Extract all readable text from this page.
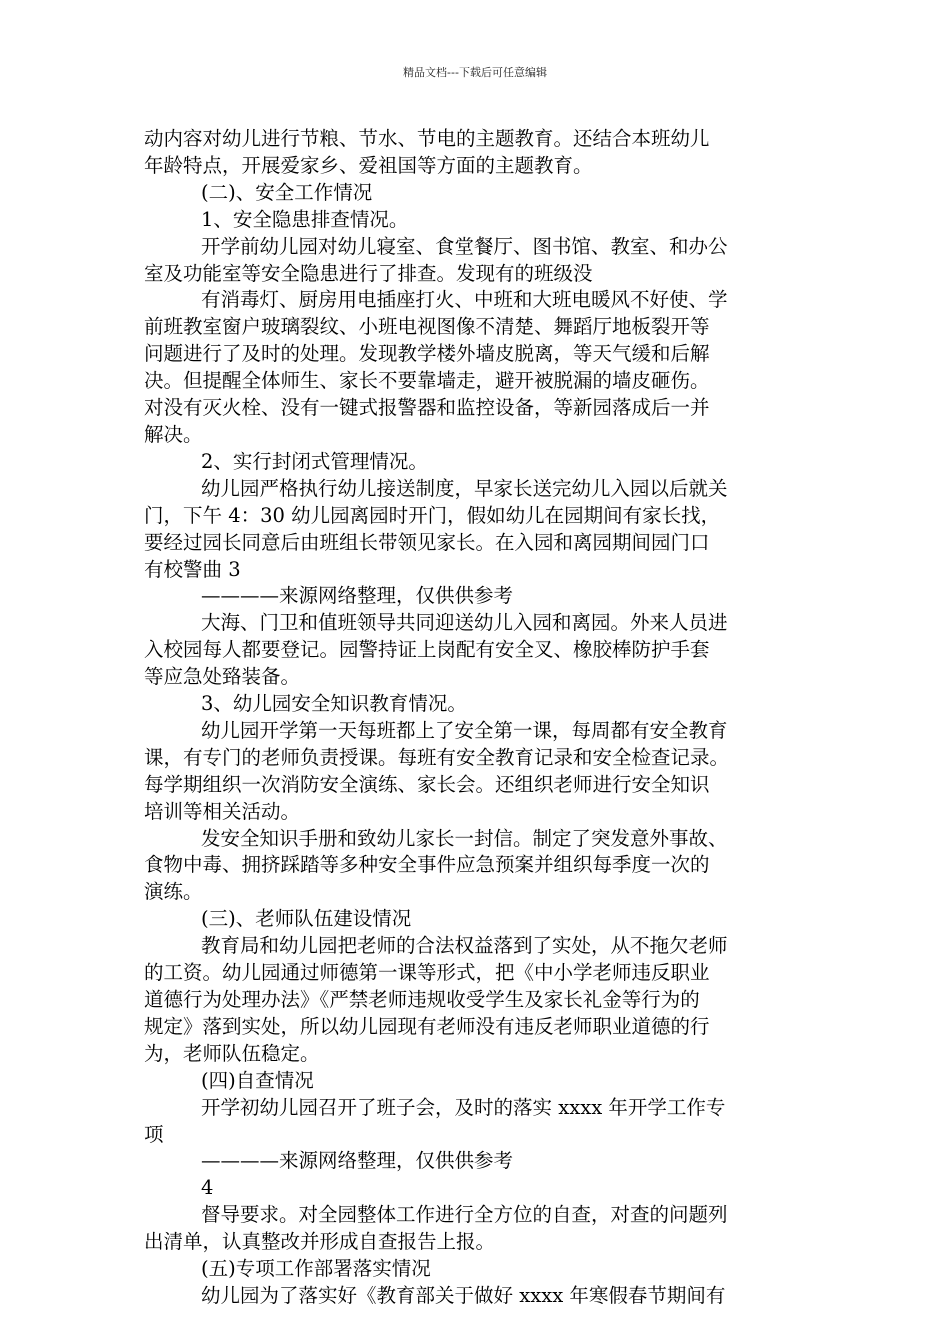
精品文档---下载后可任意编辑
动内容对幼儿进行节粮、节水、节电的主题教育。还结合本班幼儿
年龄特点，开展爱家乡、爱祖国等方面的主题教育。
(二)、安全工作情况
1、安全隐患排查情况。
开学前幼儿园对幼儿寝室、食堂餐厅、图书馆、教室、和办公
室及功能室等安全隐患进行了排查。发现有的班级没
有消毒灯、厨房用电插座打火、中班和大班电暖风不好使、学
前班教室窗户玻璃裂纹、小班电视图像不清楚、舞蹈厅地板裂开等
问题进行了及时的处理。发现教学楼外墙皮脱离，等天气缓和后解
决。但提醒全体师生、家长不要靠墙走，避开被脱漏的墙皮砸伤。
对没有灭火栓、没有一键式报警器和监控设备，等新园落成后一并
解决。
2、实行封闭式管理情况。
幼儿园严格执行幼儿接送制度，早家长送完幼儿入园以后就关
门，下午 4：30 幼儿园离园时开门，假如幼儿在园期间有家长找，
要经过园长同意后由班组长带领见家长。在入园和离园期间园门口
有校警曲 3
————来源网络整理，仅供供参考
大海、门卫和值班领导共同迎送幼儿入园和离园。外来人员进
入校园每人都要登记。园警持证上岗配有安全叉、橡胶棒防护手套
等应急处臵装备。
3、幼儿园安全知识教育情况。
幼儿园开学第一天每班都上了安全第一课，每周都有安全教育
课，有专门的老师负责授课。每班有安全教育记录和安全检查记录。
每学期组织一次消防安全演练、家长会。还组织老师进行安全知识
培训等相关活动。
发安全知识手册和致幼儿家长一封信。制定了突发意外事故、
食物中毒、拥挤踩踏等多种安全事件应急预案并组织每季度一次的
演练。
(三)、老师队伍建设情况
教育局和幼儿园把老师的合法权益落到了实处，从不拖欠老师
的工资。幼儿园通过师德第一课等形式，把《中小学老师违反职业
道德行为处理办法》《严禁老师违规收受学生及家长礼金等行为的
规定》落到实处，所以幼儿园现有老师没有违反老师职业道德的行
为，老师队伍稳定。
(四)自查情况
开学初幼儿园召开了班子会，及时的落实 xxxx 年开学工作专
项
————来源网络整理，仅供供参考
4
督导要求。对全园整体工作进行全方位的自查，对查的问题列
出清单，认真整改并形成自查报告上报。
(五)专项工作部署落实情况
幼儿园为了落实好《教育部关于做好 xxxx 年寒假春节期间有
